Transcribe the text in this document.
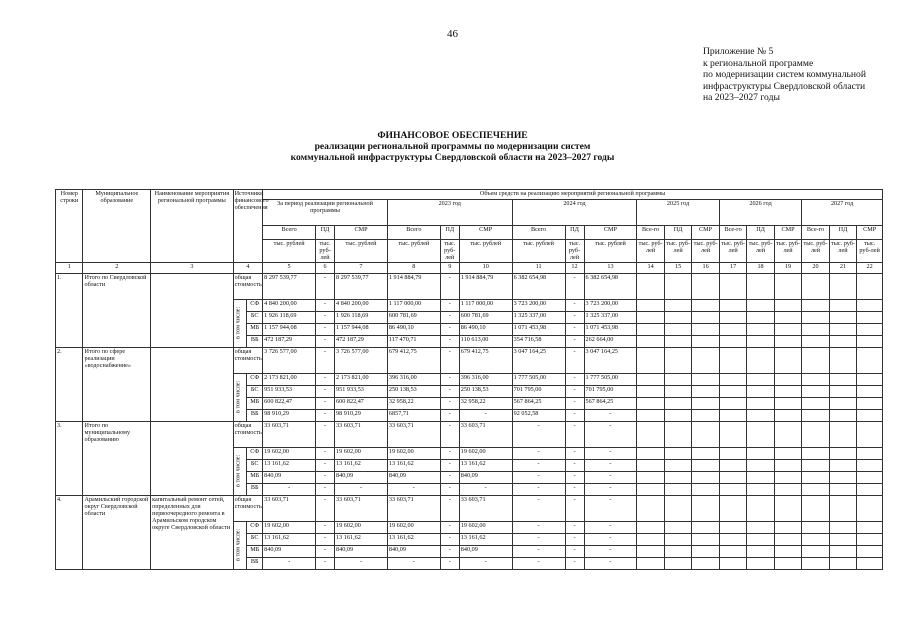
46
Приложение № 5
к региональной программе
по модернизации систем коммунальной
инфраструктуры Свердловской области
на 2023–2027 годы
ФИНАНСОВОЕ ОБЕСПЕЧЕНИЕ
реализации региональной программы по модернизации систем
коммунальной инфраструктуры Свердловской области на 2023–2027 годы
Номер строки	Муниципальное образование	Наименование мероприятия региональной программы	Источники финансового обеспечения		Объем средств на реализацию мероприятий региональной программы																	
					За период реализации региональной программы			2023 год			2024 год			2025 год			2026 год			2027 год		
					Всего	ПД	СМР	Всего	ПД	СМР	Всего	ПД	СМР	Все-го	ПД	СМР	Все-го	ПД	СМР	Все-го	ПД	СМР
					тыс. рублей	тыс. руб-лей	тыс. рублей	тыс. рублей	тыс. руб-лей	тыс. рублей	тыс. рублей	тыс. руб-лей	тыс. рублей	тыс. руб-лей	тыс. руб-лей	тыс. руб-лей	тыс. руб-лей	тыс. руб-лей	тыс. руб-лей	тыс. руб-лей	тыс. руб-лей	тыс. руб-лей
1	2	3	4		5	6	7	8	9	10	11	12	13	14	15	16	17	18	19	20	21	22
1.	Итого по Свердловской области		общая стоимость		8 297 539,77	-	8 297 539,77	1 914 884,79	-	1 914 884,79	6 382 654,98	-	6 382 654,98									
			в том числе:	СФ	4 840 200,00	-	4 840 200,00	1 117 000,00	-	1 117 000,00	3 723 200,00	-	3 723 200,00									
				БС	1 926 118,69	-	1 926 118,69	600 781,69	-	600 781,69	1 325 337,00	-	1 325 337,00									
				МБ	1 157 944,08	-	1 157 944,08	86 490,10	-	86 490,10	1 071 453,98	-	1 071 453,98									
				ВБ	472 187,29	-	472 187,29	117 470,71	-	110 613,00	354 716,58	-	262 664,00									
2.	Итого по сфере реализации «водоснабжение»		общая стоимость		3 726 577,00	-	3 726 577,00	679 412,75	-	679 412,75	3 047 164,25	-	3 047 164,25									
			в том числе:	СФ	2 173 821,00	-	2 173 821,00	396 316,00	-	396 316,00	1 777 505,00	-	1 777 505,00									
				БС	951 933,53	-	951 933,53	250 138,53	-	250 138,53	701 795,00	-	701 795,00									
				МБ	600 822,47	-	600 822,47	32 958,22	-	32 958,22	567 864,25	-	567 864,25									
				ВБ	98 910,29	-	98 910,29	6857,71	-	-	92 052,58	-	-									
3.	Итого по муниципальному образованию		общая стоимость		33 603,71	-	33 603,71	33 603,71	-	33 603,71	-	-	-									
			в том числе:	СФ	19 602,00	-	19 602,00	19 602,00	-	19 602,00	-	-	-									
				БС	13 161,62	-	13 161,62	13 161,62	-	13 161,62	-	-	-									
				МБ	840,09	-	840,09	840,09	-	840,09	-	-	-									
				ВБ	-	-	-	-	-	-	-	-	-									
4.	Арамильский городской округ Свердловской области	капитальный ремонт сетей, определенных для первоочередного ремонта в Арамильском городском округе Свердловской области	общая стоимость		33 603,71	-	33 603,71	33 603,71	-	33 603,71	-	-	-									
			в том числе:	СФ	19 602,00	-	19 602,00	19 602,00	-	19 602,00	-	-	-									
				БС	13 161,62	-	13 161,62	13 161,62	-	13 161,62	-	-	-									
				МБ	840,09	-	840,09	840,09	-	840,09	-	-	-									
				ВБ	-	-	-	-	-	-	-	-	-									
